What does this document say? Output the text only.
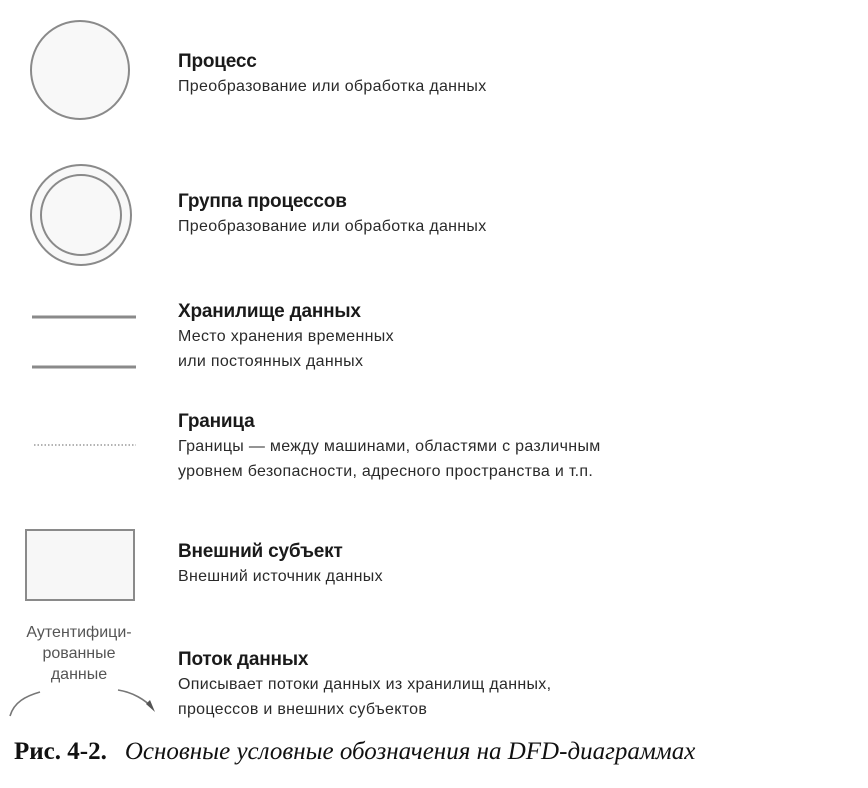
Аутентифици-
рованные
данные
Процесс
Преобразование или обработка данных
Группа процессов
Преобразование или обработка данных
Хранилище данных
Место хранения временных
или постоянных данных
Граница
Границы — между машинами, областями с различным
уровнем безопасности, адресного пространства и т.п.
Внешний субъект
Внешний источник данных
Поток данных
Описывает потоки данных из хранилищ данных,
процессов и внешних субъектов
Рис. 4-2. Основные условные обозначения на DFD-диаграммах
